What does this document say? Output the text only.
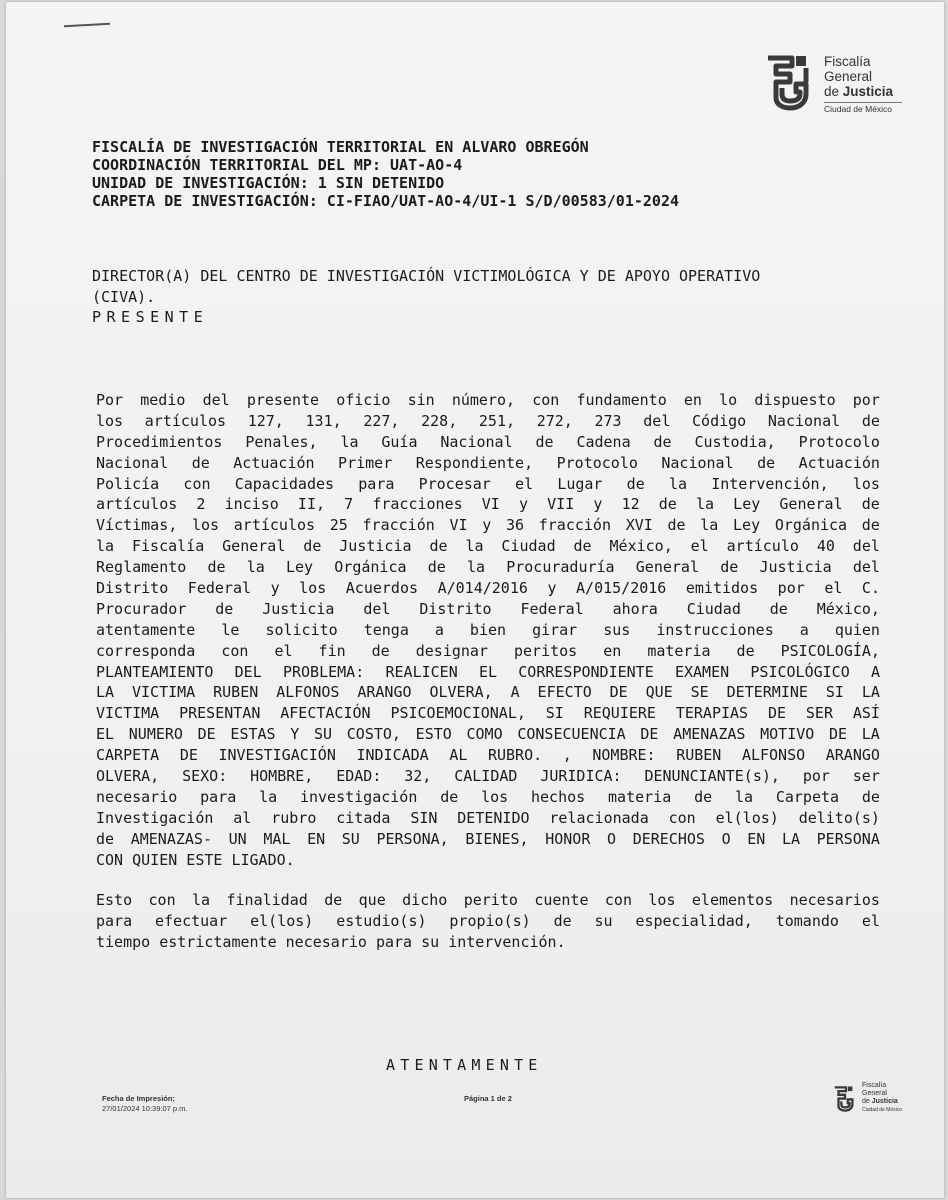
Fiscalía
General
de Justicia
Ciudad de México
FISCALÍA DE INVESTIGACIÓN TERRITORIAL EN ALVARO OBREGÓN
COORDINACIÓN TERRITORIAL DEL MP: UAT-AO-4
UNIDAD DE INVESTIGACIÓN: 1 SIN DETENIDO
CARPETA DE INVESTIGACIÓN: CI-FIAO/UAT-AO-4/UI-1 S/D/00583/01-2024
DIRECTOR(A) DEL CENTRO DE INVESTIGACIÓN VICTIMOLÓGICA Y DE APOYO OPERATIVO
(CIVA).
PRESENTE
Por medio del presente oficio sin número, con fundamento en lo dispuesto por
los artículos 127, 131, 227, 228, 251, 272, 273 del Código Nacional de
Procedimientos Penales, la Guía Nacional de Cadena de Custodia, Protocolo
Nacional de Actuación Primer Respondiente, Protocolo Nacional de Actuación
Policía con Capacidades para Procesar el Lugar de la Intervención, los
artículos 2 inciso II, 7 fracciones VI y VII y 12 de la Ley General de
Víctimas, los artículos 25 fracción VI y 36 fracción XVI de la Ley Orgánica de
la Fiscalía General de Justicia de la Ciudad de México, el artículo 40 del
Reglamento de la Ley Orgánica de la Procuraduría General de Justicia del
Distrito Federal y los Acuerdos A/014/2016 y A/015/2016 emitidos por el C.
Procurador de Justicia del Distrito Federal ahora Ciudad de México,
atentamente le solicito tenga a bien girar sus instrucciones a quien
corresponda con el fin de designar peritos en materia de PSICOLOGÍA,
PLANTEAMIENTO DEL PROBLEMA: REALICEN EL CORRESPONDIENTE EXAMEN PSICOLÓGICO A
LA VICTIMA RUBEN ALFONOS ARANGO OLVERA, A EFECTO DE QUE SE DETERMINE SI LA
VICTIMA PRESENTAN AFECTACIÓN PSICOEMOCIONAL, SI REQUIERE TERAPIAS DE SER ASÍ
EL NUMERO DE ESTAS Y SU COSTO, ESTO COMO CONSECUENCIA DE AMENAZAS MOTIVO DE LA
CARPETA DE INVESTIGACIÓN INDICADA AL RUBRO. , NOMBRE: RUBEN ALFONSO ARANGO
OLVERA, SEXO: HOMBRE, EDAD: 32, CALIDAD JURIDICA: DENUNCIANTE(s), por ser
necesario para la investigación de los hechos materia de la Carpeta de
Investigación al rubro citada SIN DETENIDO relacionada con el(los) delito(s)
de AMENAZAS- UN MAL EN SU PERSONA, BIENES, HONOR O DERECHOS O EN LA PERSONA
CON QUIEN ESTE LIGADO.
Esto con la finalidad de que dicho perito cuente con los elementos necesarios
para efectuar el(los) estudio(s) propio(s) de su especialidad, tomando el
tiempo estrictamente necesario para su intervención.
ATENTAMENTE
Fecha de Impresión:
27/01/2024 10:39:07 p.m.
Página 1 de 2
Fiscalía
General
de Justicia
Ciudad de México
